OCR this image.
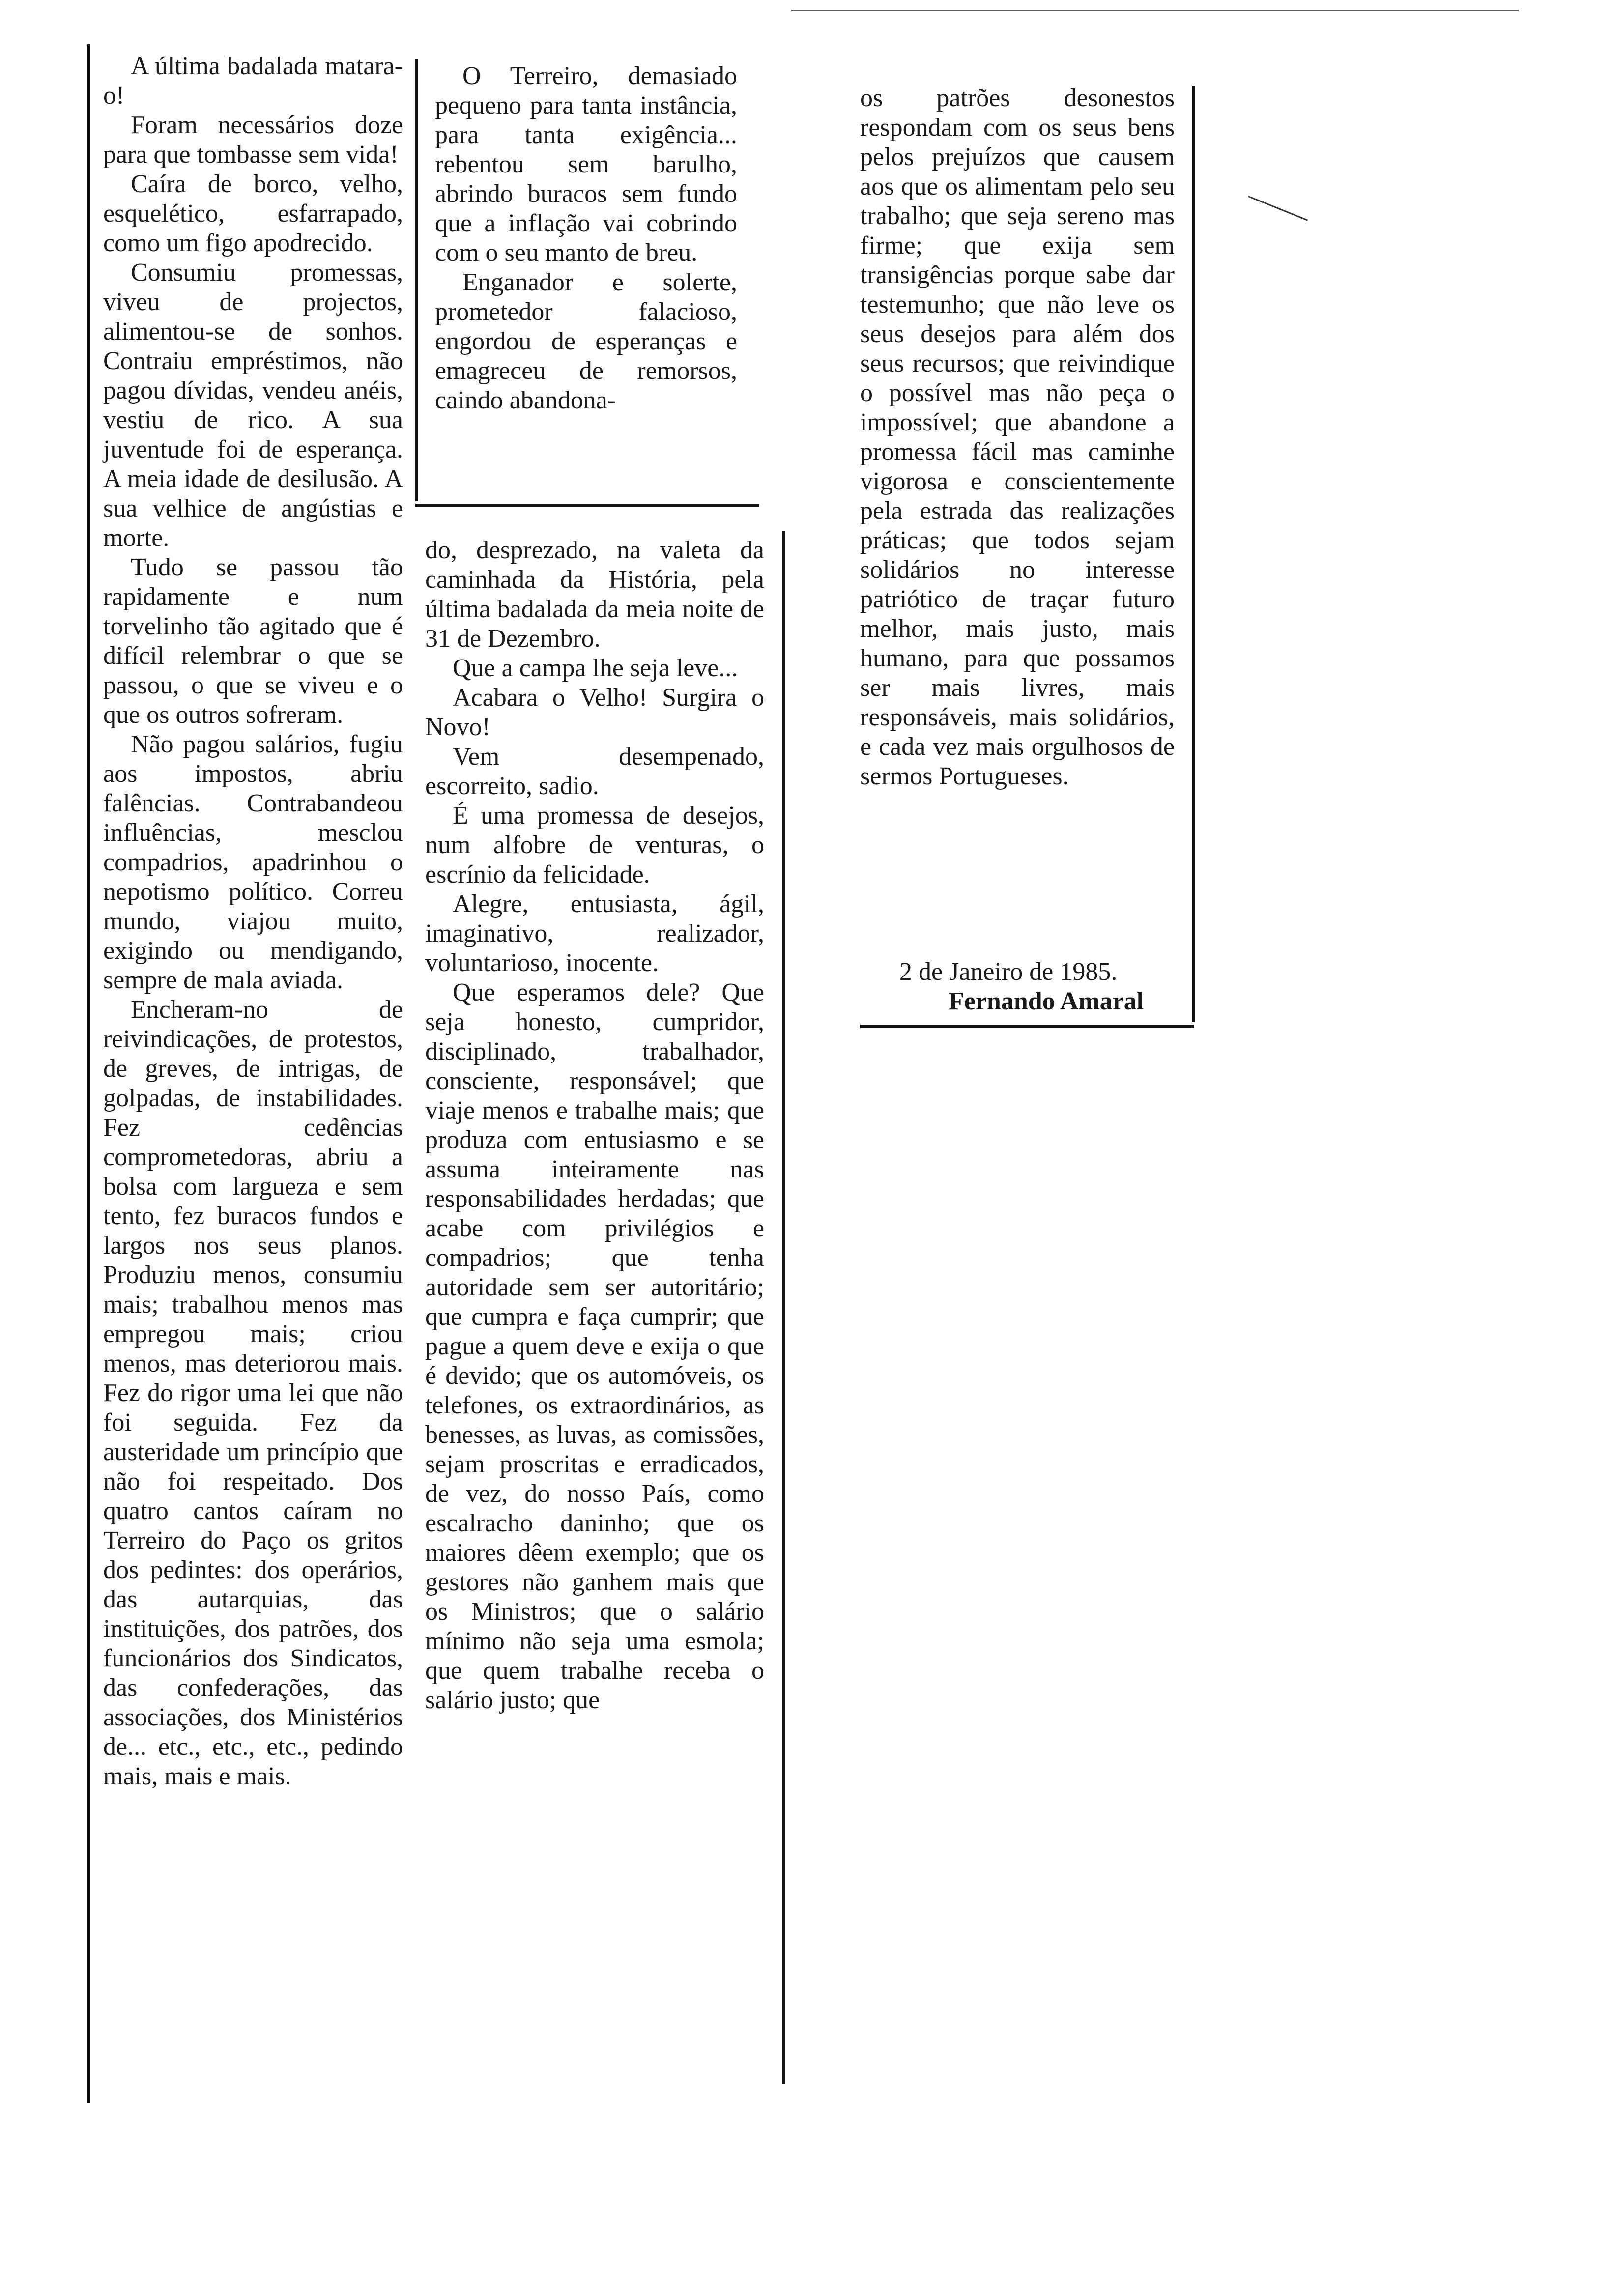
A última badalada matara-o!

Foram necessários doze para que tombasse sem vida!

Caíra de borco, velho, esquelético, esfarrapado, como um figo apodrecido.

Consumiu promessas, viveu de projectos, alimentou-se de sonhos. Contraiu empréstimos, não pagou dívidas, vendeu anéis, vestiu de rico. A sua juventude foi de esperança. A meia idade de desilusão. A sua velhice de angústias e morte.

Tudo se passou tão rapidamente e num torvelinho tão agitado que é difícil relembrar o que se passou, o que se viveu e o que os outros sofreram.

Não pagou salários, fugiu aos impostos, abriu falências. Contrabandeou influências, mesclou compadrios, apadrinhou o nepotismo político. Correu mundo, viajou muito, exigindo ou mendigando, sempre de mala aviada.

Encheram-no de reivindicações, de protestos, de greves, de intrigas, de golpadas, de instabilidades. Fez cedências comprometedoras, abriu a bolsa com largueza e sem tento, fez buracos fundos e largos nos seus planos. Produziu menos, consumiu mais; trabalhou menos mas empregou mais; criou menos, mas deteriorou mais. Fez do rigor uma lei que não foi seguida. Fez da austeridade um princípio que não foi respeitado. Dos quatro cantos caíram no Terreiro do Paço os gritos dos pedintes: dos operários, das autarquias, das instituições, dos patrões, dos funcionários dos Sindicatos, das confederações, das associações, dos Ministérios de... etc., etc., etc., pedindo mais, mais e mais.

O Terreiro, demasiado pequeno para tanta instância, para tanta exigência... rebentou sem barulho, abrindo buracos sem fundo que a inflação vai cobrindo com o seu manto de breu.

Enganador e solerte, prometedor falacioso, engordou de esperanças e emagreceu de remorsos, caindo abandona-

do, desprezado, na valeta da caminhada da História, pela última badalada da meia noite de 31 de Dezembro.

Que a campa lhe seja leve...

Acabara o Velho! Surgira o Novo!

Vem desempenado, escorreito, sadio.

É uma promessa de desejos, num alfobre de venturas, o escrínio da felicidade.

Alegre, entusiasta, ágil, imaginativo, realizador, voluntarioso, inocente.

Que esperamos dele? Que seja honesto, cumpridor, disciplinado, trabalhador, consciente, responsável; que viaje menos e trabalhe mais; que produza com entusiasmo e se assuma inteiramente nas responsabilidades herdadas; que acabe com privilégios e compadrios; que tenha autoridade sem ser autoritário; que cumpra e faça cumprir; que pague a quem deve e exija o que é devido; que os automóveis, os telefones, os extraordinários, as benesses, as luvas, as comissões, sejam proscritas e erradicados, de vez, do nosso País, como escalracho daninho; que os maiores dêem exemplo; que os gestores não ganhem mais que os Ministros; que o salário mínimo não seja uma esmola; que quem trabalhe receba o salário justo; que

os patrões desonestos respondam com os seus bens pelos prejuízos que causem aos que os alimentam pelo seu trabalho; que seja sereno mas firme; que exija sem transigências porque sabe dar testemunho; que não leve os seus desejos para além dos seus recursos; que reivindique o possível mas não peça o impossível; que abandone a promessa fácil mas caminhe vigorosa e conscientemente pela estrada das realizações práticas; que todos sejam solidários no interesse patriótico de traçar futuro melhor, mais justo, mais humano, para que possamos ser mais livres, mais responsáveis, mais solidários, e cada vez mais orgulhosos de sermos Portugueses.

2 de Janeiro de 1985.
Fernando Amaral
